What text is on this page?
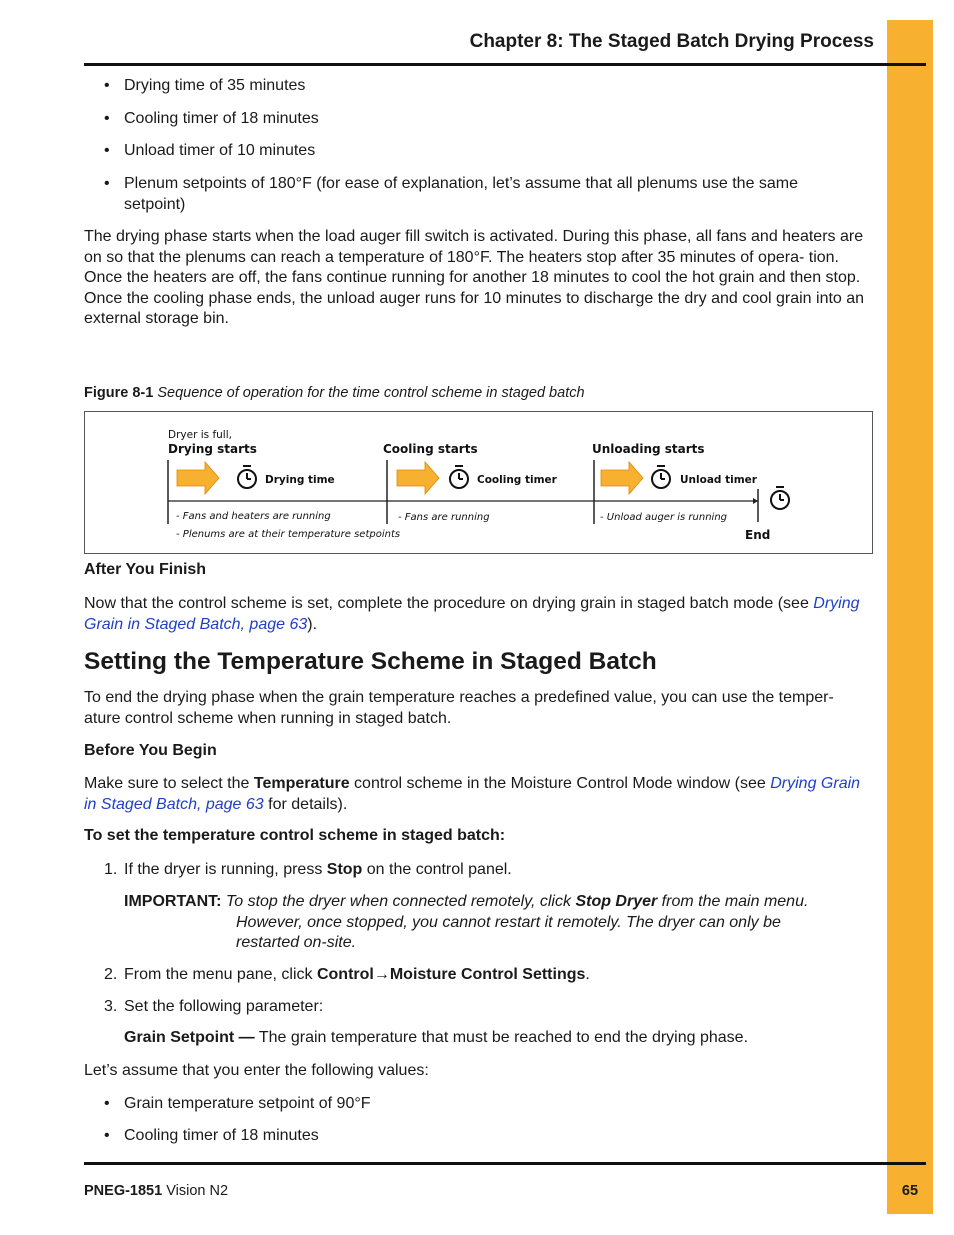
Chapter 8: The Staged Batch Drying Process
• Drying time of 35 minutes
• Cooling timer of 18 minutes
• Unload timer of 10 minutes
• Plenum setpoints of 180°F (for ease of explanation, let’s assume that all plenums use the same setpoint)
The drying phase starts when the load auger fill switch is activated. During this phase, all fans and heaters are on so that the plenums can reach a temperature of 180°F. The heaters stop after 35 minutes of opera- tion. Once the heaters are off, the fans continue running for another 18 minutes to cool the hot grain and then stop. Once the cooling phase ends, the unload auger runs for 10 minutes to discharge the dry and cool grain into an external storage bin.
Figure 8-1 Sequence of operation for the time control scheme in staged batch
Dryer is full,
Drying starts	Cooling starts	Unloading starts
Drying time	Cooling timer	Unload timer
- Fans and heaters are running
- Plenums are at their temperature setpoints
- Fans are running	- Unload auger is running
End
After You Finish
Now that the control scheme is set, complete the procedure on drying grain in staged batch mode (see Drying Grain in Staged Batch, page 63).
Setting the Temperature Scheme in Staged Batch
To end the drying phase when the grain temperature reaches a predefined value, you can use the temper- ature control scheme when running in staged batch.
Before You Begin
Make sure to select the Temperature control scheme in the Moisture Control Mode window (see Drying Grain in Staged Batch, page 63 for details).
To set the temperature control scheme in staged batch:
1. If the dryer is running, press Stop on the control panel.
IMPORTANT: To stop the dryer when connected remotely, click Stop Dryer from the main menu.
However, once stopped, you cannot restart it remotely. The dryer can only be
restarted on-site.
2. From the menu pane, click Control→Moisture Control Settings.
3. Set the following parameter:
Grain Setpoint — The grain temperature that must be reached to end the drying phase.
Let’s assume that you enter the following values:
• Grain temperature setpoint of 90°F
• Cooling timer of 18 minutes
PNEG-1851 Vision N2	65
